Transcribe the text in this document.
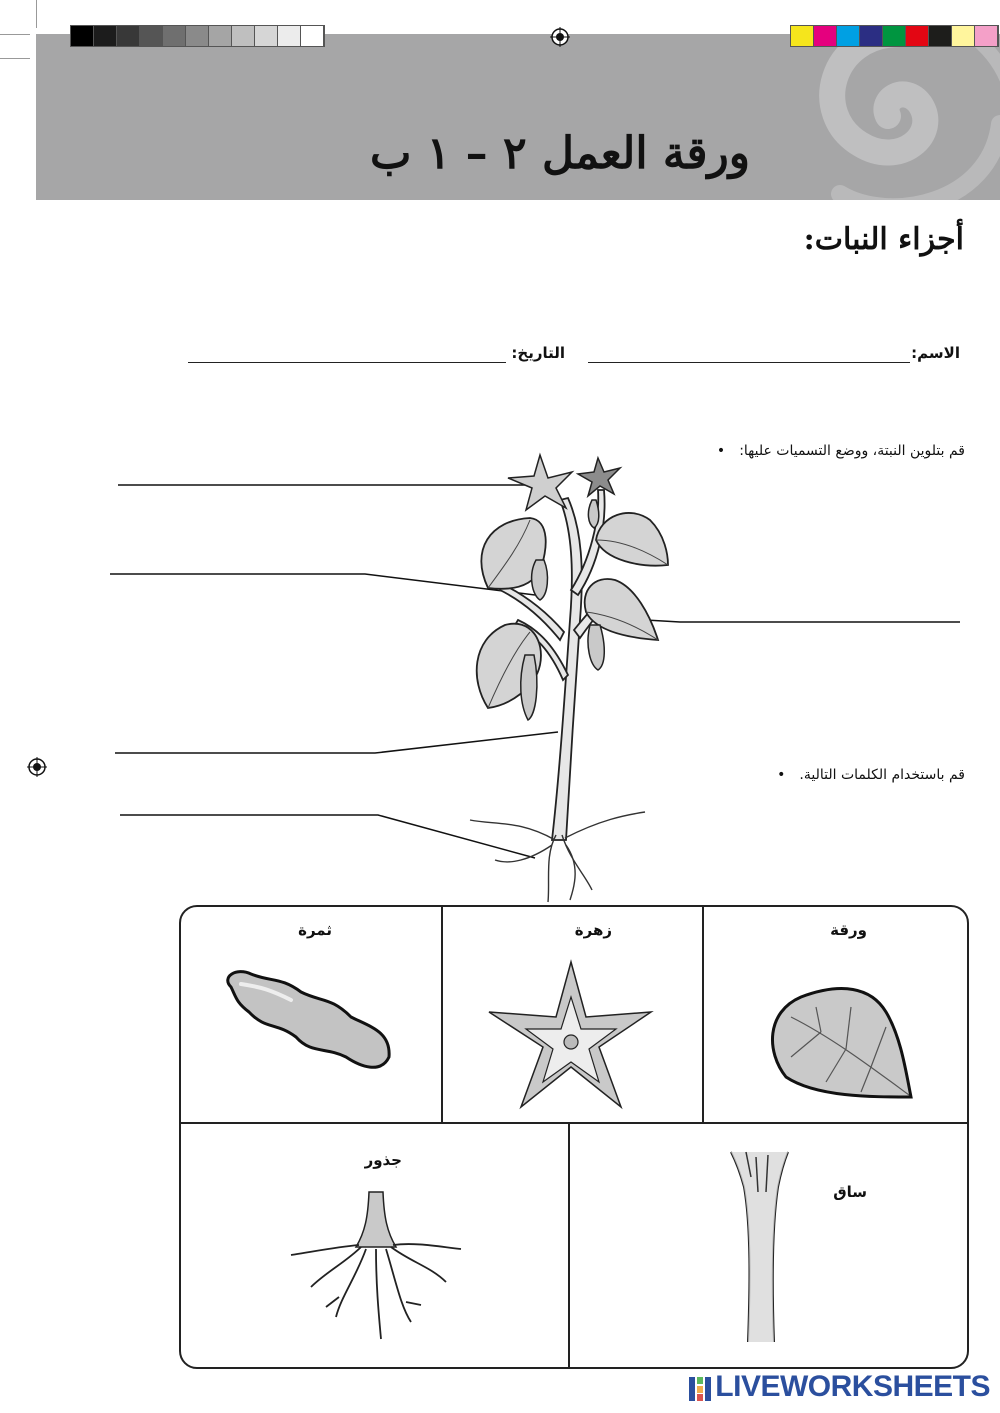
ورقة العمل ٢ – ١ ب
أجزاء النبات:
الاسم:
التاريخ:
قم بتلوين النبتة، ووضع التسميات عليها:•
قم باستخدام الكلمات التالية.•
ورقة
زهرة
ثمرة
ساق
جذور
LIVEWORKSHEETS
